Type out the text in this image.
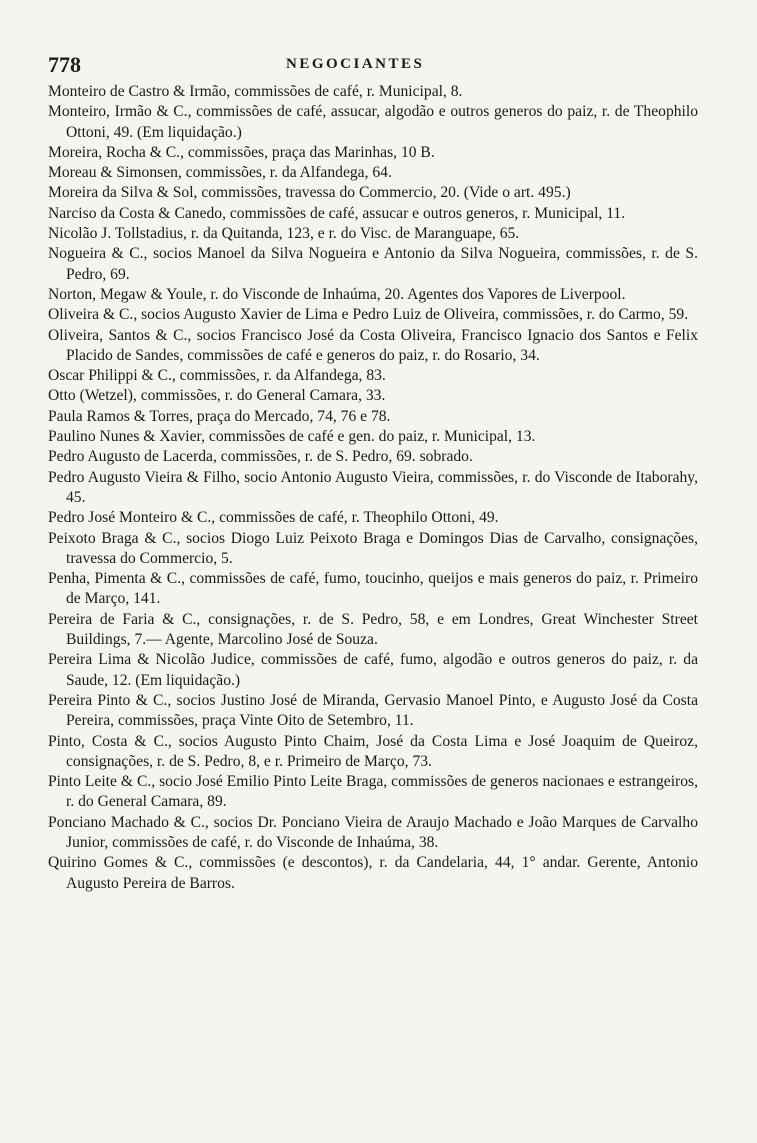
778	NEGOCIANTES
Monteiro de Castro & Irmão, commissões de café, r. Municipal, 8.
Monteiro, Irmão & C., commissões de café, assucar, algodão e outros generos do paiz, r. de Theophilo Ottoni, 49. (Em liquidação.)
Moreira, Rocha & C., commissões, praça das Marinhas, 10 B.
Moreau & Simonsen, commissões, r. da Alfandega, 64.
Moreira da Silva & Sol, commissões, travessa do Commercio, 20. (Vide o art. 495.)
Narciso da Costa & Canedo, commissões de café, assucar e outros generos, r. Municipal, 11.
Nicolão J. Tollstadius, r. da Quitanda, 123, e r. do Visc. de Maranguape, 65.
Nogueira & C., socios Manoel da Silva Nogueira e Antonio da Silva Nogueira, commissões, r. de S. Pedro, 69.
Norton, Megaw & Youle, r. do Visconde de Inhaúma, 20. Agentes dos Vapores de Liverpool.
Oliveira & C., socios Augusto Xavier de Lima e Pedro Luiz de Oliveira, commissões, r. do Carmo, 59.
Oliveira, Santos & C., socios Francisco José da Costa Oliveira, Francisco Ignacio dos Santos e Felix Placido de Sandes, commissões de café e generos do paiz, r. do Rosario, 34.
Oscar Philippi & C., commissões, r. da Alfandega, 83.
Otto (Wetzel), commissões, r. do General Camara, 33.
Paula Ramos & Torres, praça do Mercado, 74, 76 e 78.
Paulino Nunes & Xavier, commissões de café e gen. do paiz, r. Municipal, 13.
Pedro Augusto de Lacerda, commissões, r. de S. Pedro, 69. sobrado.
Pedro Augusto Vieira & Filho, socio Antonio Augusto Vieira, commissões, r. do Visconde de Itaborahy, 45.
Pedro José Monteiro & C., commissões de café, r. Theophilo Ottoni, 49.
Peixoto Braga & C., socios Diogo Luiz Peixoto Braga e Domingos Dias de Carvalho, consignações, travessa do Commercio, 5.
Penha, Pimenta & C., commissões de café, fumo, toucinho, queijos e mais generos do paiz, r. Primeiro de Março, 141.
Pereira de Faria & C., consignações, r. de S. Pedro, 58, e em Londres, Great Winchester Street Buildings, 7.— Agente, Marcolino José de Souza.
Pereira Lima & Nicolão Judice, commissões de café, fumo, algodão e outros generos do paiz, r. da Saude, 12. (Em liquidação.)
Pereira Pinto & C., socios Justino José de Miranda, Gervasio Manoel Pinto, e Augusto José da Costa Pereira, commissões, praça Vinte Oito de Setembro, 11.
Pinto, Costa & C., socios Augusto Pinto Chaim, José da Costa Lima e José Joaquim de Queiroz, consignações, r. de S. Pedro, 8, e r. Primeiro de Março, 73.
Pinto Leite & C., socio José Emilio Pinto Leite Braga, commissões de generos nacionaes e estrangeiros, r. do General Camara, 89.
Ponciano Machado & C., socios Dr. Ponciano Vieira de Araujo Machado e João Marques de Carvalho Junior, commissões de café, r. do Visconde de Inhaúma, 38.
Quirino Gomes & C., commissões (e descontos), r. da Candelaria, 44, 1° andar. Gerente, Antonio Augusto Pereira de Barros.
